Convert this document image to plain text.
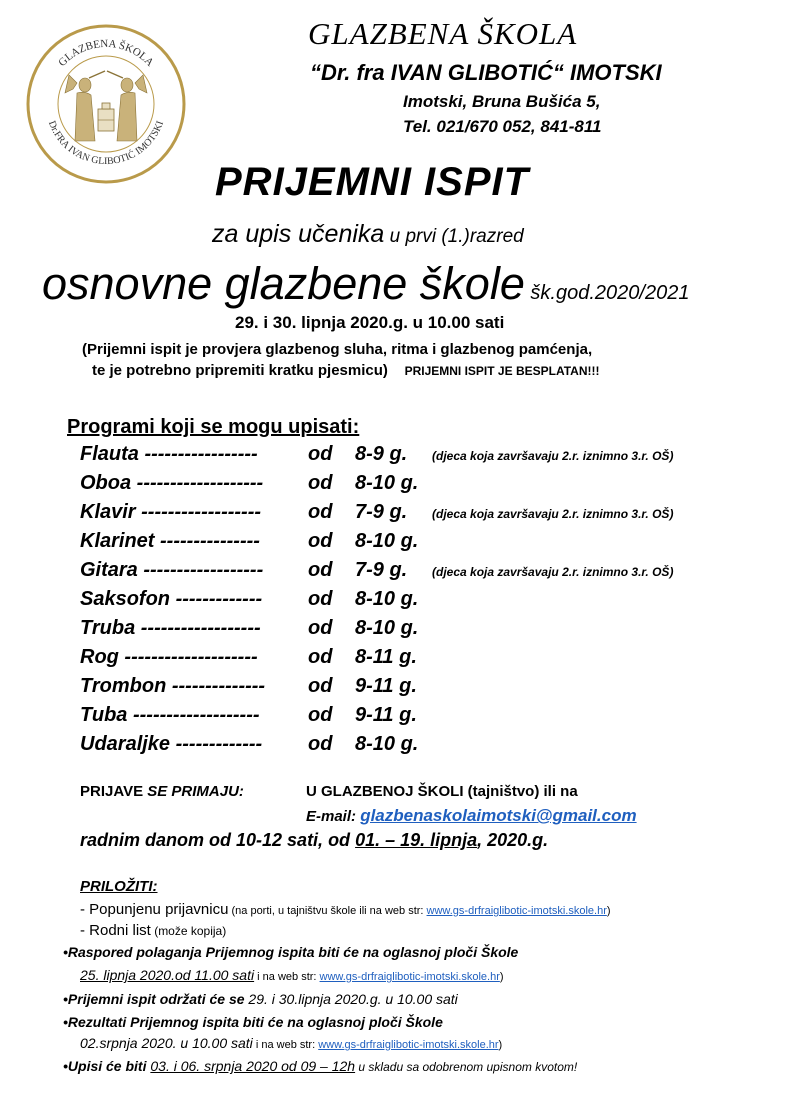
GLAZBENA ŠKOLA
Dr.FRA IVAN GLIBOTIĆ IMOTSKI
GLAZBENA ŠKOLA
“Dr. fra IVAN GLIBOTIĆ“ IMOTSKI
Imotski, Bruna Bušića 5,
Tel. 021/670 052, 841-811
PRIJEMNI ISPIT
za upis učenika u prvi (1.)razred
osnovne glazbene škole šk.god.2020/2021
29. i 30. lipnja 2020.g. u 10.00 sati
(Prijemni ispit je provjera glazbenog sluha, ritma i glazbenog pamćenja,
te je potrebno pripremiti kratku pjesmicu) PRIJEMNI ISPIT JE BESPLATAN!!!
Programi koji se mogu upisati:
Flauta -----------------	od 8-9 g. (djeca koja završavaju 2.r. iznimno 3.r. OŠ)
Oboa ------------------- od 8-10 g.
Klavir ------------------ od 7-9 g. (djeca koja završavaju 2.r. iznimno 3.r. OŠ)
Klarinet --------------- od 8-10 g.
Gitara ------------------ od 7-9 g. (djeca koja završavaju 2.r. iznimno 3.r. OŠ)
Saksofon ------------- od 8-10 g.
Truba ------------------ od 8-10 g.
Rog --------------------	od 8-11 g.
Trombon -------------- od 9-11 g.
Tuba ------------------- od 9-11 g.
Udaraljke ------------- od 8-10 g.
PRIJAVE SE PRIMAJU:	U GLAZBENOJ ŠKOLI (tajništvo) ili na
E-mail: glazbenaskolaimotski@gmail.com
radnim danom od 10-12 sati, od 01. – 19. lipnja, 2020.g.
PRILOŽITI:
- Popunjenu prijavnicu (na porti, u tajništvu škole ili na web str: www.gs-drfraiglibotic-imotski.skole.hr)
- Rodni list (može kopija)
•Raspored polaganja Prijemnog ispita biti će na oglasnoj ploči Škole
25. lipnja 2020.od 11.00 sati i na web str: www.gs-drfraiglibotic-imotski.skole.hr)
•Prijemni ispit održati će se 29. i 30.lipnja 2020.g. u 10.00 sati
•Rezultati Prijemnog ispita biti će na oglasnoj ploči Škole
02.srpnja 2020. u 10.00 sati i na web str: www.gs-drfraiglibotic-imotski.skole.hr)
•Upisi će biti 03. i 06. srpnja 2020 od 09 – 12h u skladu sa odobrenom upisnom kvotom!
